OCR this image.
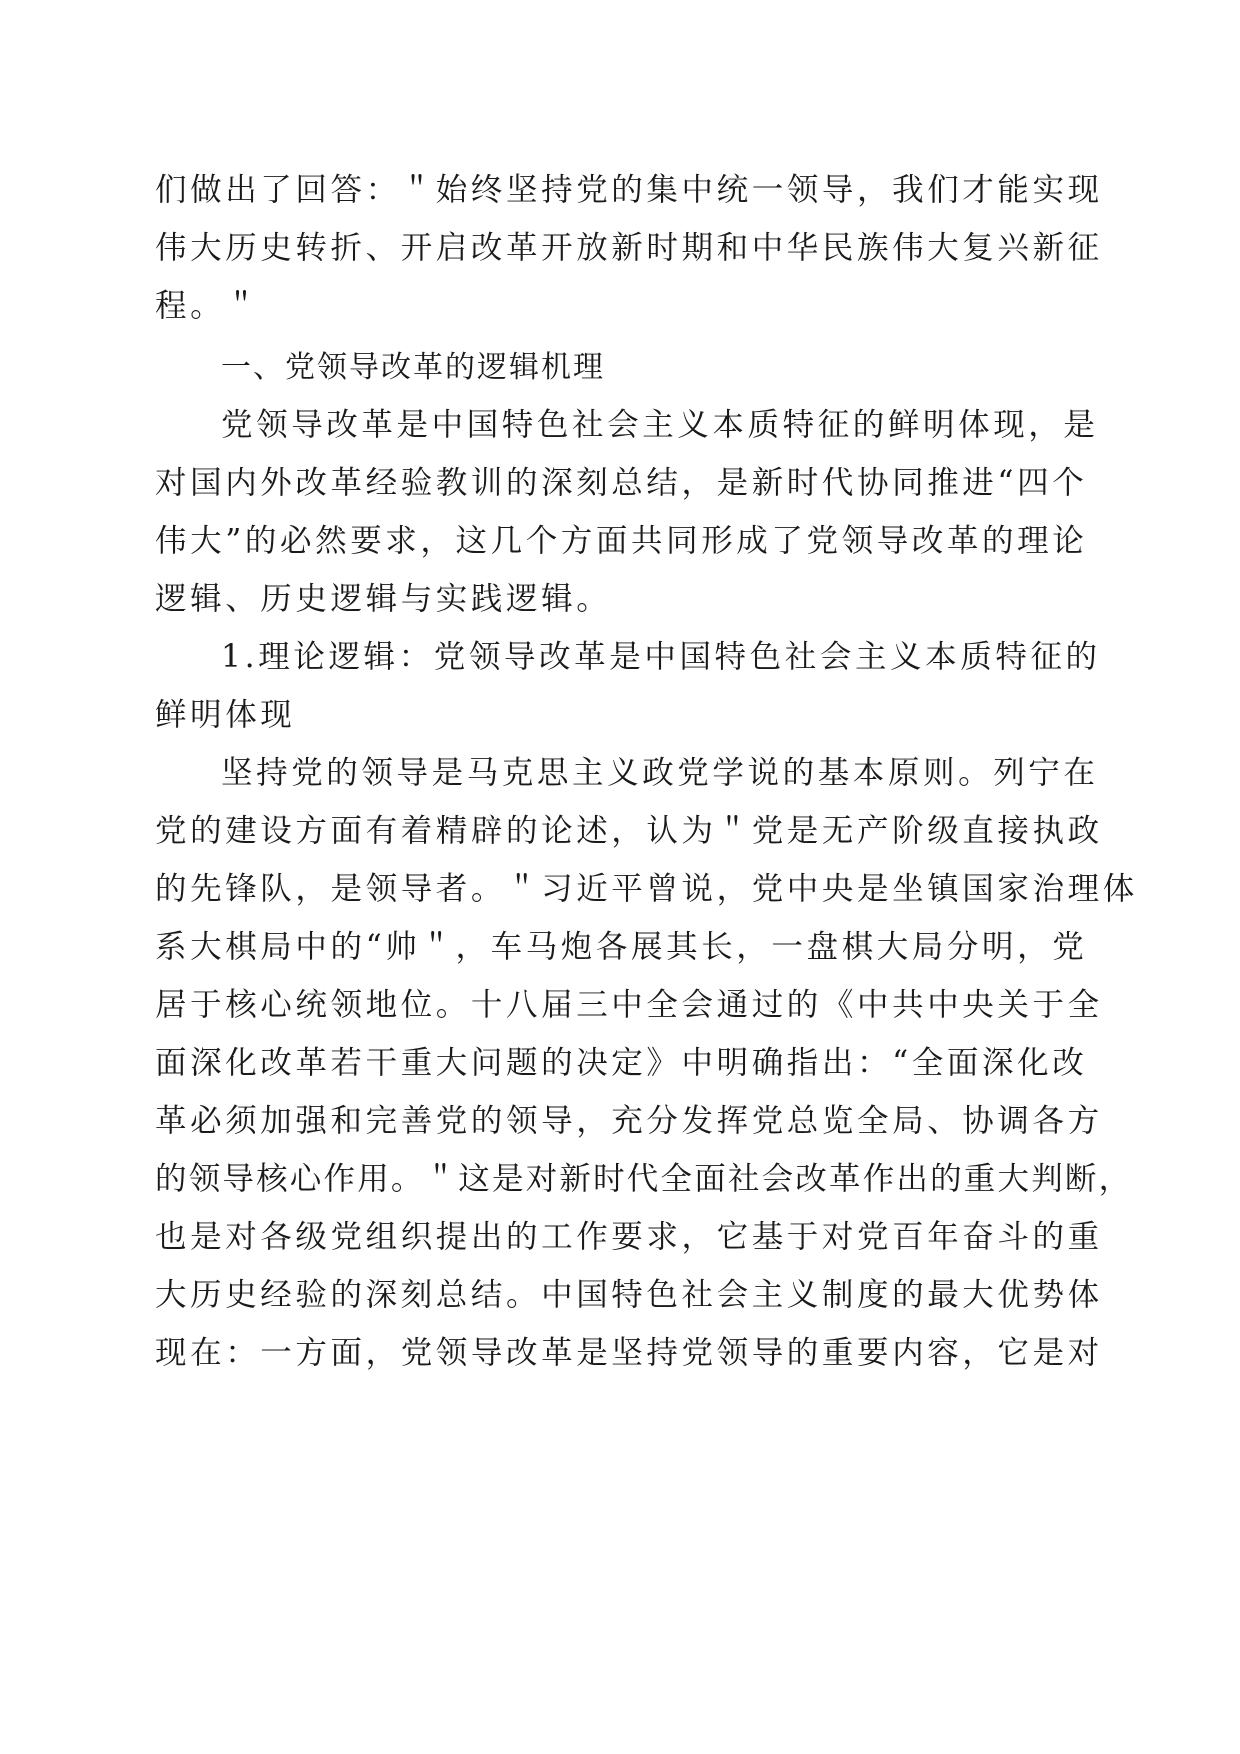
们做出了回答：＂始终坚持党的集中统一领导，我们才能实现
伟大历史转折、开启改革开放新时期和中华民族伟大复兴新征
程。＂
一、党领导改革的逻辑机理
党领导改革是中国特色社会主义本质特征的鲜明体现，是
对国内外改革经验教训的深刻总结，是新时代协同推进“四个
伟大”的必然要求，这几个方面共同形成了党领导改革的理论
逻辑、历史逻辑与实践逻辑。
1.理论逻辑：党领导改革是中国特色社会主义本质特征的
鲜明体现
坚持党的领导是马克思主义政党学说的基本原则。列宁在
党的建设方面有着精辟的论述，认为＂党是无产阶级直接执政
的先锋队，是领导者。＂习近平曾说，党中央是坐镇国家治理体
系大棋局中的“帅＂，车马炮各展其长，一盘棋大局分明，党
居于核心统领地位。十八届三中全会通过的《中共中央关于全
面深化改革若干重大问题的决定》中明确指出：“全面深化改
革必须加强和完善党的领导，充分发挥党总览全局、协调各方
的领导核心作用。＂这是对新时代全面社会改革作出的重大判断，
也是对各级党组织提出的工作要求，它基于对党百年奋斗的重
大历史经验的深刻总结。中国特色社会主义制度的最大优势体
现在：一方面，党领导改革是坚持党领导的重要内容，它是对
